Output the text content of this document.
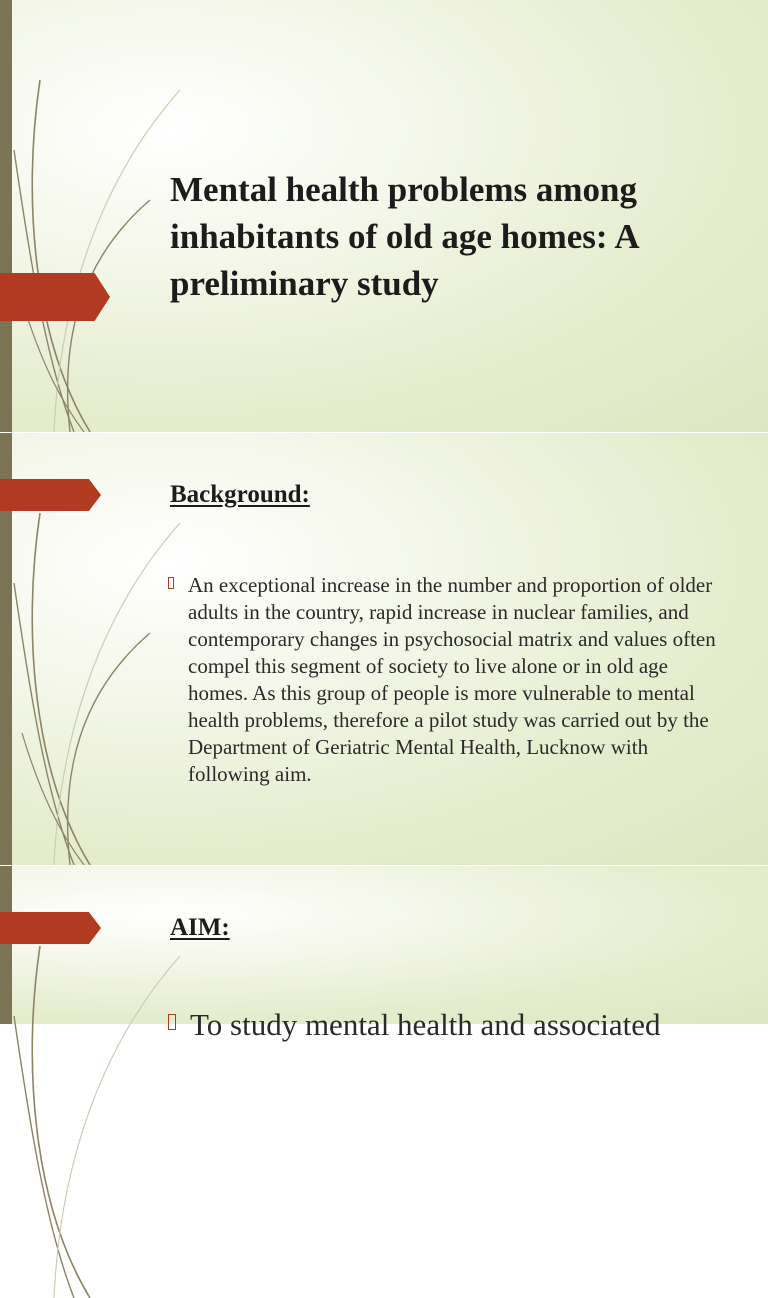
Mental health problems among inhabitants of old age homes: A preliminary study
Background:
An exceptional increase in the number and proportion of older adults in the country, rapid increase in nuclear families, and contemporary changes in psychosocial matrix and values often compel this segment of society to live alone or in old age homes. As this group of people is more vulnerable to mental health problems, therefore a pilot study was carried out by the Department of Geriatric Mental Health, Lucknow with following aim.
AIM:
To study mental health and associated
